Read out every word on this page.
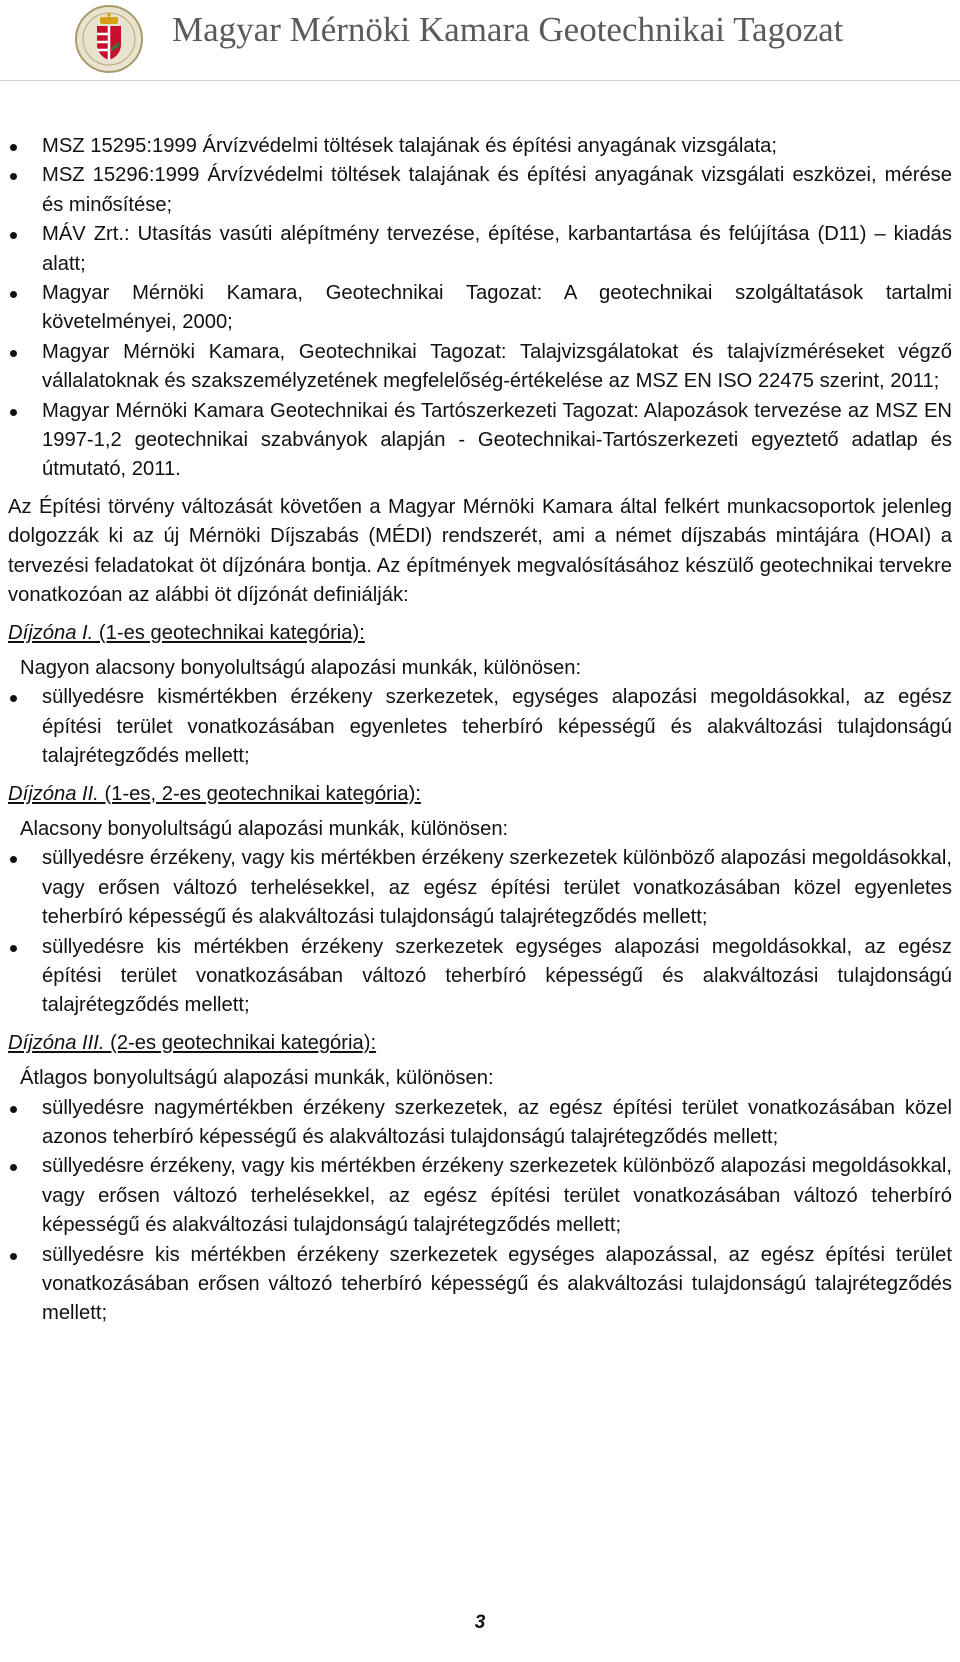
Magyar Mérnöki Kamara Geotechnikai Tagozat
MSZ 15295:1999 Árvízvédelmi töltések talajának és építési anyagának vizsgálata;
MSZ 15296:1999 Árvízvédelmi töltések talajának és építési anyagának vizsgálati eszközei, mérése és minősítése;
MÁV Zrt.: Utasítás vasúti alépítmény tervezése, építése, karbantartása és felújítása (D11) – kiadás alatt;
Magyar Mérnöki Kamara, Geotechnikai Tagozat: A geotechnikai szolgáltatások tartalmi követelményei, 2000;
Magyar Mérnöki Kamara, Geotechnikai Tagozat: Talajvizsgálatokat és talajvízméréseket végző vállalatoknak és szakszemélyzetének megfelelőség-értékelése az MSZ EN ISO 22475 szerint, 2011;
Magyar Mérnöki Kamara Geotechnikai és Tartószerkezeti Tagozat: Alapozások tervezése az MSZ EN 1997-1,2 geotechnikai szabványok alapján - Geotechnikai-Tartószerkezeti egyeztető adatlap és útmutató, 2011.

Az Építési törvény változását követően a Magyar Mérnöki Kamara által felkért munkacsoportok jelenleg dolgozzák ki az új Mérnöki Díjszabás (MÉDI) rendszerét, ami a német díjszabás mintájára (HOAI) a tervezési feladatokat öt díjzónára bontja. Az építmények megvalósításához készülő geotechnikai tervekre vonatkozóan az alábbi öt díjzónát definiálják:

Díjzóna I. (1-es geotechnikai kategória):

Nagyon alacsony bonyolultságú alapozási munkák, különösen:

süllyedésre kismértékben érzékeny szerkezetek, egységes alapozási megoldásokkal, az egész építési terület vonatkozásában egyenletes teherbíró képességű és alakváltozási tulajdonságú talajrétegződés mellett;

Díjzóna II. (1-es, 2-es geotechnikai kategória):

Alacsony bonyolultságú alapozási munkák, különösen:

süllyedésre érzékeny, vagy kis mértékben érzékeny szerkezetek különböző alapozási megoldásokkal, vagy erősen változó terhelésekkel, az egész építési terület vonatkozásában közel egyenletes teherbíró képességű és alakváltozási tulajdonságú talajrétegződés mellett;
süllyedésre kis mértékben érzékeny szerkezetek egységes alapozási megoldásokkal, az egész építési terület vonatkozásában változó teherbíró képességű és alakváltozási tulajdonságú talajrétegződés mellett;

Díjzóna III. (2-es geotechnikai kategória):

Átlagos bonyolultságú alapozási munkák, különösen:

süllyedésre nagymértékben érzékeny szerkezetek, az egész építési terület vonatkozásában közel azonos teherbíró képességű és alakváltozási tulajdonságú talajrétegződés mellett;
süllyedésre érzékeny, vagy kis mértékben érzékeny szerkezetek különböző alapozási megoldásokkal, vagy erősen változó terhelésekkel, az egész építési terület vonatkozásában változó teherbíró képességű és alakváltozási tulajdonságú talajrétegződés mellett;
süllyedésre kis mértékben érzékeny szerkezetek egységes alapozással, az egész építési terület vonatkozásában erősen változó teherbíró képességű és alakváltozási tulajdonságú talajrétegződés mellett;
3
